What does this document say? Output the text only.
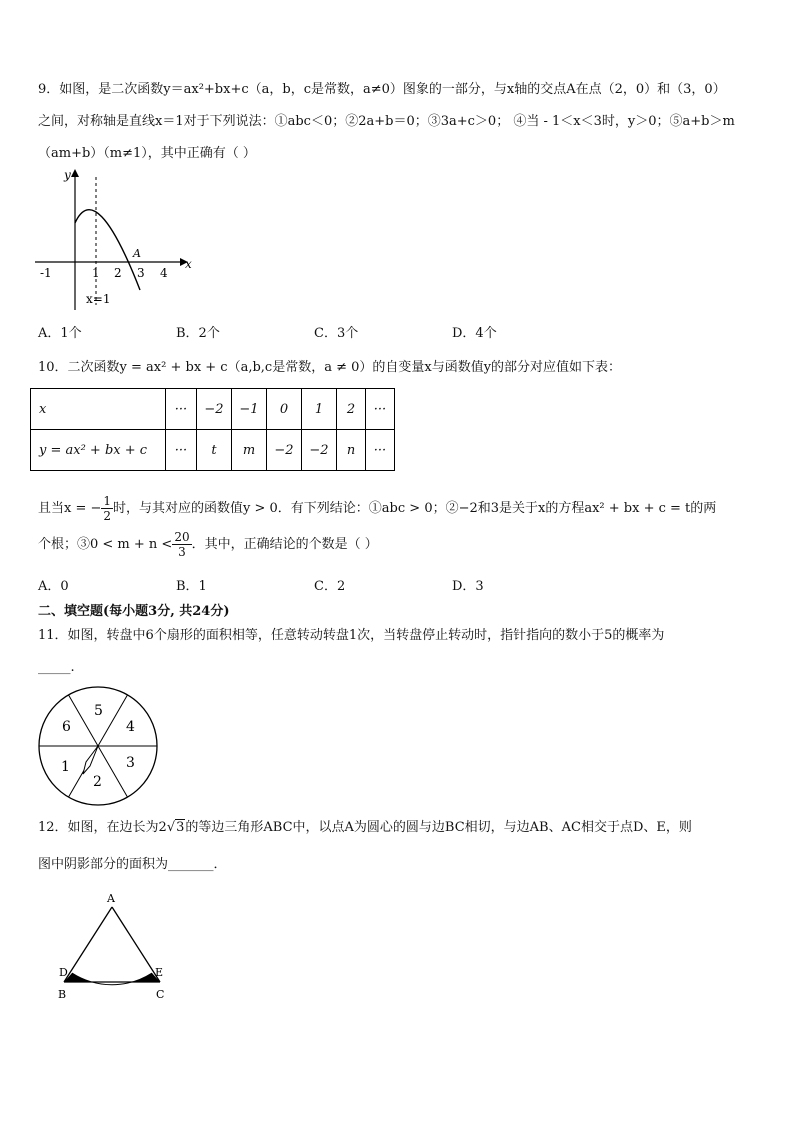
9．如图，是二次函数y＝ax²+bx+c（a，b，c是常数，a≠0）图象的一部分，与x轴的交点A在点（2，0）和（3，0）
之间，对称轴是直线x＝1对于下列说法：①abc＜0；②2a+b＝0；③3a+c＞0； ④当 - 1＜x＜3时，y＞0；⑤a+b＞m
（am+b）（m≠1），其中正确有（ ）
y
x
A
-1	1 2 3 4
x=1
A．1个	B．2个	C．3个	D．4个
10．二次函数y = ax² + bx + c（a,b,c是常数，a ≠ 0）的自变量x与函数值y的部分对应值如下表：
x	···	−2	−1	0	1	2	···
y = ax² + bx + c	···	t	m	−2	−2	n	···
且当x = − $\frac{1}{2}$ 时，与其对应的函数值y > 0．有下列结论：①abc > 0；②−2和3是关于x的方程ax² + bx + c = t的两
个根；③0 < $m + n < \frac{20}{3}$ ．其中，正确结论的个数是（ ）
A．0	B．1	C．2	D．3
二、填空题(每小题3分, 共24分)
11．如图，转盘中6个扇形的面积相等，任意转动转盘1次，当转盘停止转动时，指针指向的数小于5的概率为
_____.
5
4
3
2
1
6
12．如图，在边长为2√3的等边三角形ABC中，以点A为圆心的圆与边BC相切，与边AB、AC相交于点D、E，则
图中阴影部分的面积为_______．
A
D	E
B	C
